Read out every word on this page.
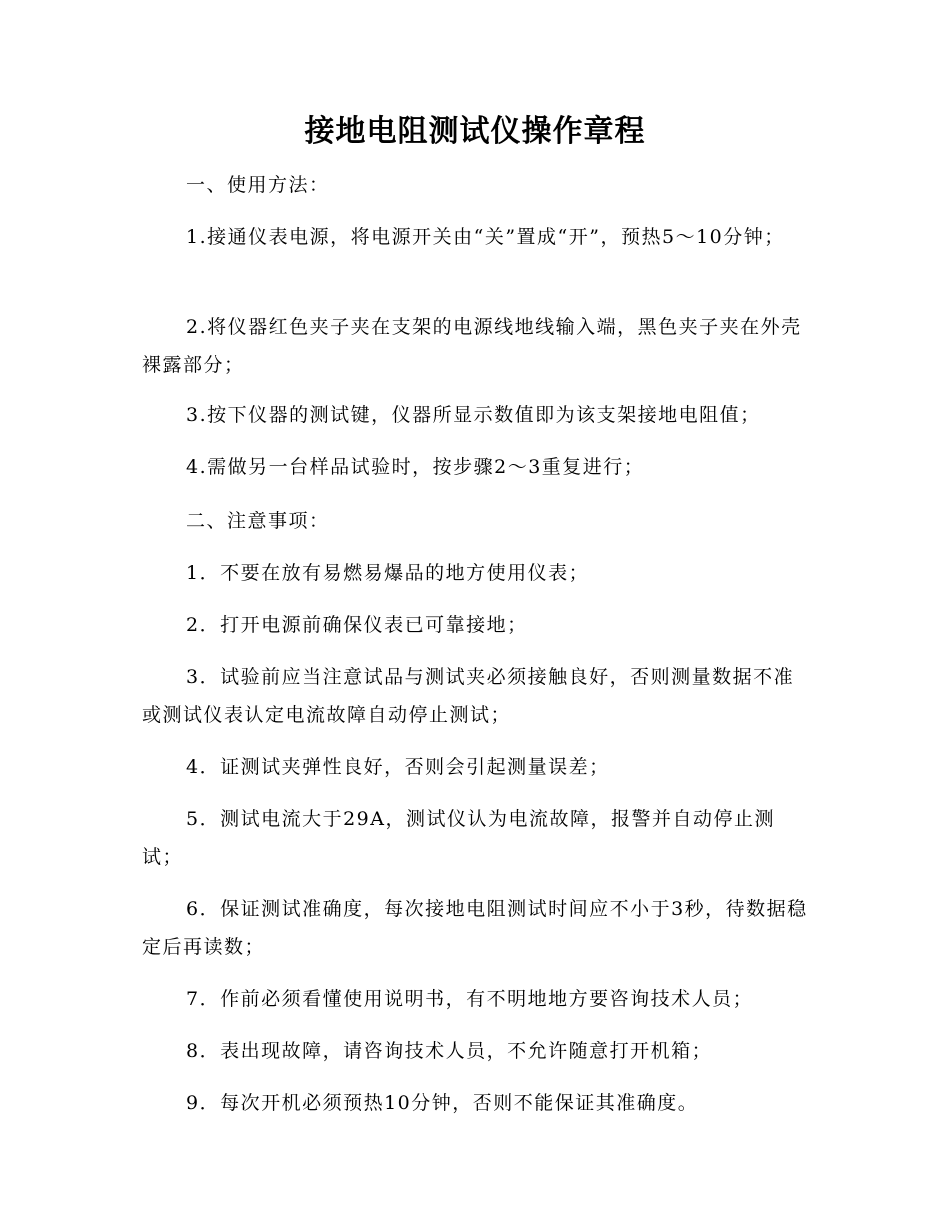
接地电阻测试仪操作章程

一、使用方法：

1.接通仪表电源，将电源开关由“关”置成“开”，预热5～10分钟；

2.将仪器红色夹子夹在支架的电源线地线输入端，黑色夹子夹在外壳裸露部分；

3.按下仪器的测试键，仪器所显示数值即为该支架接地电阻值；

4.需做另一台样品试验时，按步骤2～3重复进行；

二、注意事项：

1．不要在放有易燃易爆品的地方使用仪表；

2．打开电源前确保仪表已可靠接地；

3．试验前应当注意试品与测试夹必须接触良好，否则测量数据不准或测试仪表认定电流故障自动停止测试；

4．证测试夹弹性良好，否则会引起测量误差；

5．测试电流大于29A，测试仪认为电流故障，报警并自动停止测试；

6．保证测试准确度，每次接地电阻测试时间应不小于3秒，待数据稳定后再读数；

7．作前必须看懂使用说明书，有不明地地方要咨询技术人员；

8．表出现故障，请咨询技术人员，不允许随意打开机箱；

9．每次开机必须预热10分钟，否则不能保证其准确度。
